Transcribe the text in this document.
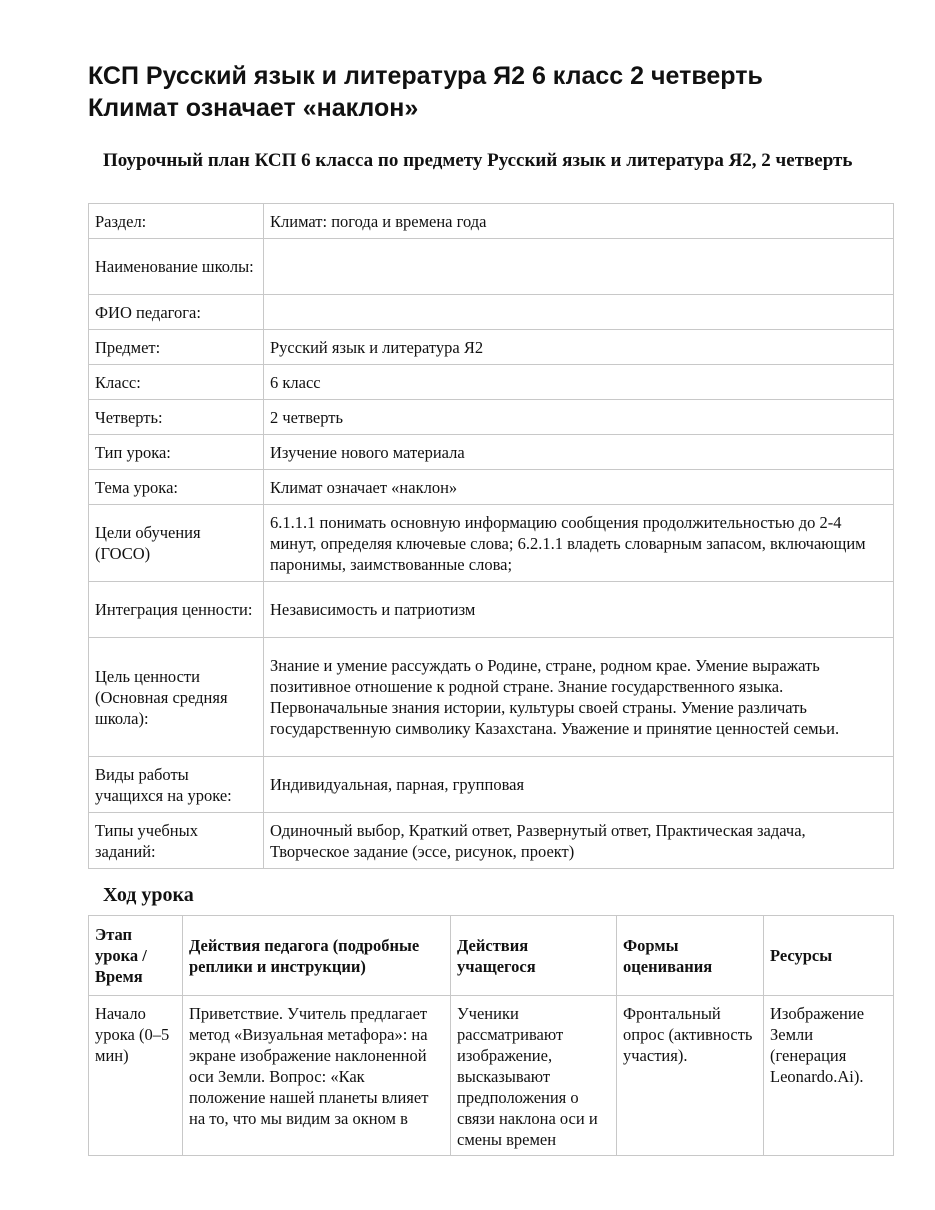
КСП Русский язык и литература Я2 6 класс 2 четверть
Климат означает «наклон»
Поурочный план КСП 6 класса по предмету Русский язык и литература Я2, 2 четверть
Раздел:	Климат: погода и времена года
Наименование школы:	
ФИО педагога:	
Предмет:	Русский язык и литература Я2
Класс:	6 класс
Четверть:	2 четверть
Тип урока:	Изучение нового материала
Тема урока:	Климат означает «наклон»
Цели обучения (ГОСО)	6.1.1.1 понимать основную информацию сообщения продолжительностью до 2-4 минут, определяя ключевые слова; 6.2.1.1 владеть словарным запасом, включающим паронимы, заимствованные слова;
Интеграция ценности:	Независимость и патриотизм
Цель ценности (Основная средняя школа):	Знание и умение рассуждать о Родине, стране, родном крае. Умение выражать позитивное отношение к родной стране. Знание государственного языка. Первоначальные знания истории, культуры своей страны. Умение различать государственную символику Казахстана. Уважение и принятие ценностей семьи.
Виды работы учащихся на уроке:	Индивидуальная, парная, групповая
Типы учебных заданий:	Одиночный выбор, Краткий ответ, Развернутый ответ, Практическая задача, Творческое задание (эссе, рисунок, проект)
Ход урока
Этап урока / Время	Действия педагога (подробные реплики и инструкции)	Действия учащегося	Формы оценивания	Ресурсы
Начало урока (0–5 мин)	Приветствие. Учитель предлагает метод «Визуальная метафора»: на экране изображение наклоненной оси Земли. Вопрос: «Как положение нашей планеты влияет на то, что мы видим за окном в	Ученики рассматривают изображение, высказывают предположения о связи наклона оси и смены времен	Фронтальный опрос (активность участия).	Изображение Земли (генерация Leonardo.Ai).
